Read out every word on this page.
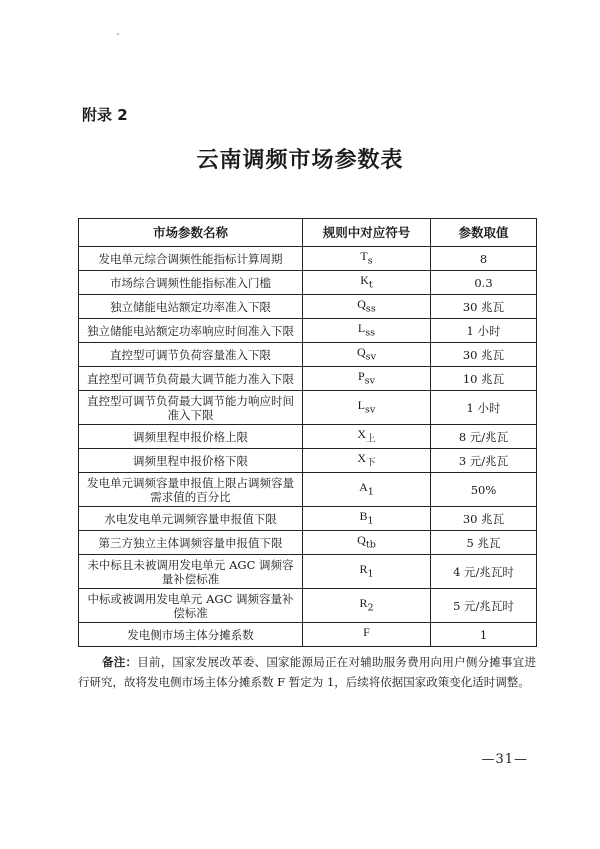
`
附录 2
云南调频市场参数表
市场参数名称	规则中对应符号	参数取值
发电单元综合调频性能指标计算周期	$T_s$	8
市场综合调频性能指标准入门槛	$K_t$	0.3
独立储能电站额定功率准入下限	$Q_{ss}$	30 兆瓦
独立储能电站额定功率响应时间准入下限	$L_{ss}$	1 小时
直控型可调节负荷容量准入下限	$Q_{sv}$	30 兆瓦
直控型可调节负荷最大调节能力准入下限	$P_{sv}$	10 兆瓦
直控型可调节负荷最大调节能力响应时间准入下限	$L_{sv}$	1 小时
调频里程申报价格上限	$X_上$	8 元/兆瓦
调频里程申报价格下限	$X_下$	3 元/兆瓦
发电单元调频容量申报值上限占调频容量需求值的百分比	$A_1$	50%
水电发电单元调频容量申报值下限	$B_1$	30 兆瓦
第三方独立主体调频容量申报值下限	$Q_{tb}$	5 兆瓦
未中标且未被调用发电单元 AGC 调频容量补偿标准	$R_1$	4 元/兆瓦时
中标或被调用发电单元 AGC 调频容量补偿标准	$R_2$	5 元/兆瓦时
发电侧市场主体分摊系数	F	1
备注：目前，国家发展改革委、国家能源局正在对辅助服务费用向用户侧分摊事宜进行研究，故将发电侧市场主体分摊系数 F 暂定为 1，后续将依据国家政策变化适时调整。
—31—
